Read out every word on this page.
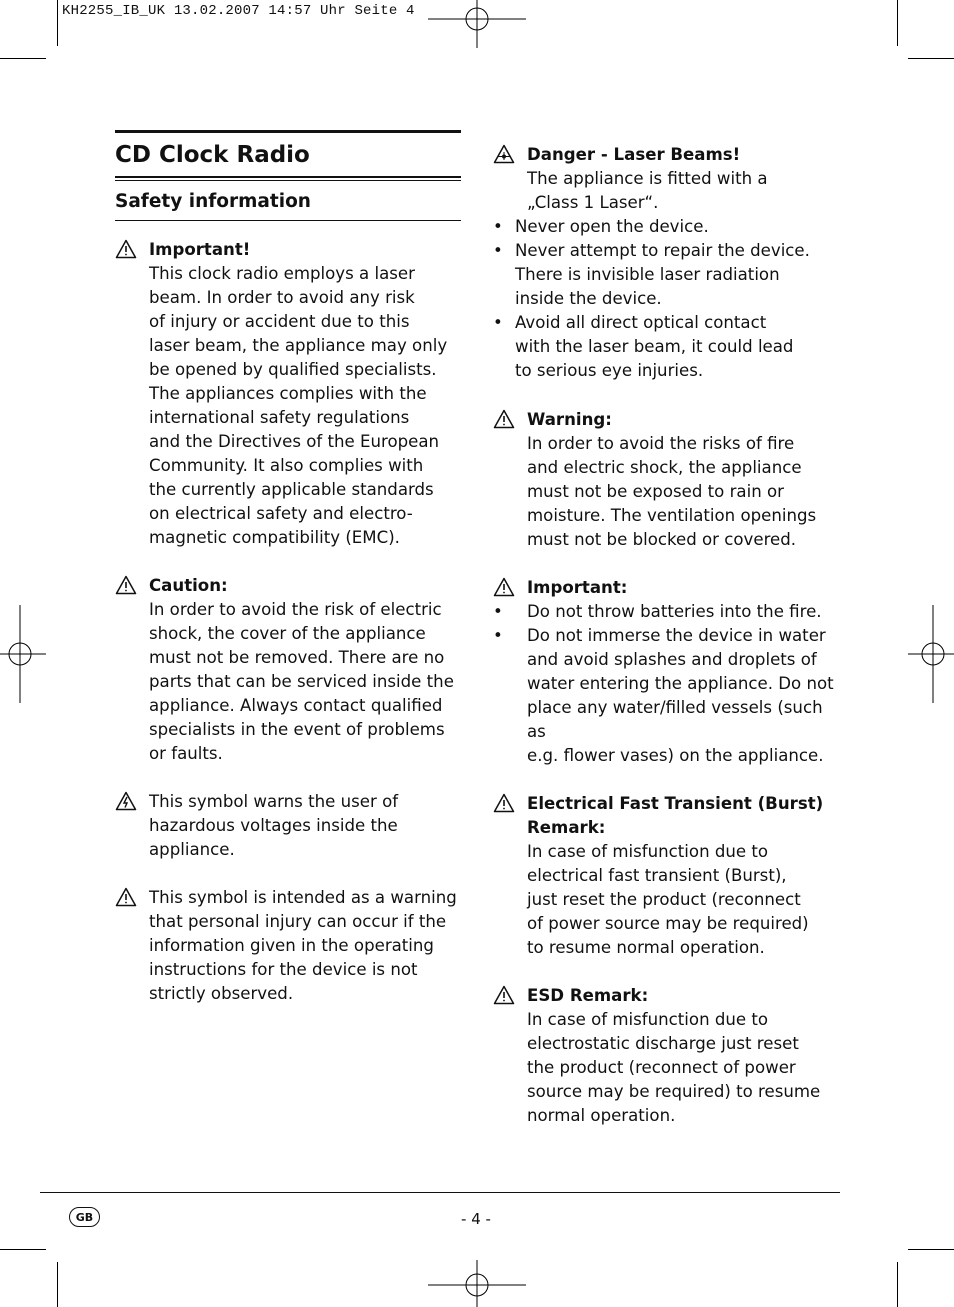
KH2255_IB_UK 13.02.2007 14:57 Uhr Seite 4
CD Clock Radio
Safety information
Important!
This clock radio employs a laser
beam. In order to avoid any risk
of injury or accident due to this
laser beam, the appliance may only
be opened by qualified specialists.
The appliances complies with the
international safety regulations
and the Directives of the European
Community. It also complies with
the currently applicable standards
on electrical safety and electro-
magnetic compatibility (EMC).
Caution:
In order to avoid the risk of electric
shock, the cover of the appliance
must not be removed. There are no
parts that can be serviced inside the
appliance. Always contact qualified
specialists in the event of problems
or faults.
This symbol warns the user of
hazardous voltages inside the
appliance.
This symbol is intended as a warning
that personal injury can occur if the
information given in the operating
instructions for the device is not
strictly observed.
Danger - Laser Beams!
The appliance is fitted with a
„Class 1 Laser“.
• Never open the device.
• Never attempt to repair the device.
There is invisible laser radiation
inside the device.
• Avoid all direct optical contact
with the laser beam, it could lead
to serious eye injuries.
Warning:
In order to avoid the risks of fire
and electric shock, the appliance
must not be exposed to rain or
moisture. The ventilation openings
must not be blocked or covered.
Important:
• Do not throw batteries into the fire.
• Do not immerse the device in water
and avoid splashes and droplets of
water entering the appliance. Do not
place any water/filled vessels (such as
e.g. flower vases) on the appliance.
Electrical Fast Transient (Burst)
Remark:
In case of misfunction due to
electrical fast transient (Burst),
just reset the product (reconnect
of power source may be required)
to resume normal operation.
ESD Remark:
In case of misfunction due to
electrostatic discharge just reset
the product (reconnect of power
source may be required) to resume
normal operation.
GB	- 4 -
